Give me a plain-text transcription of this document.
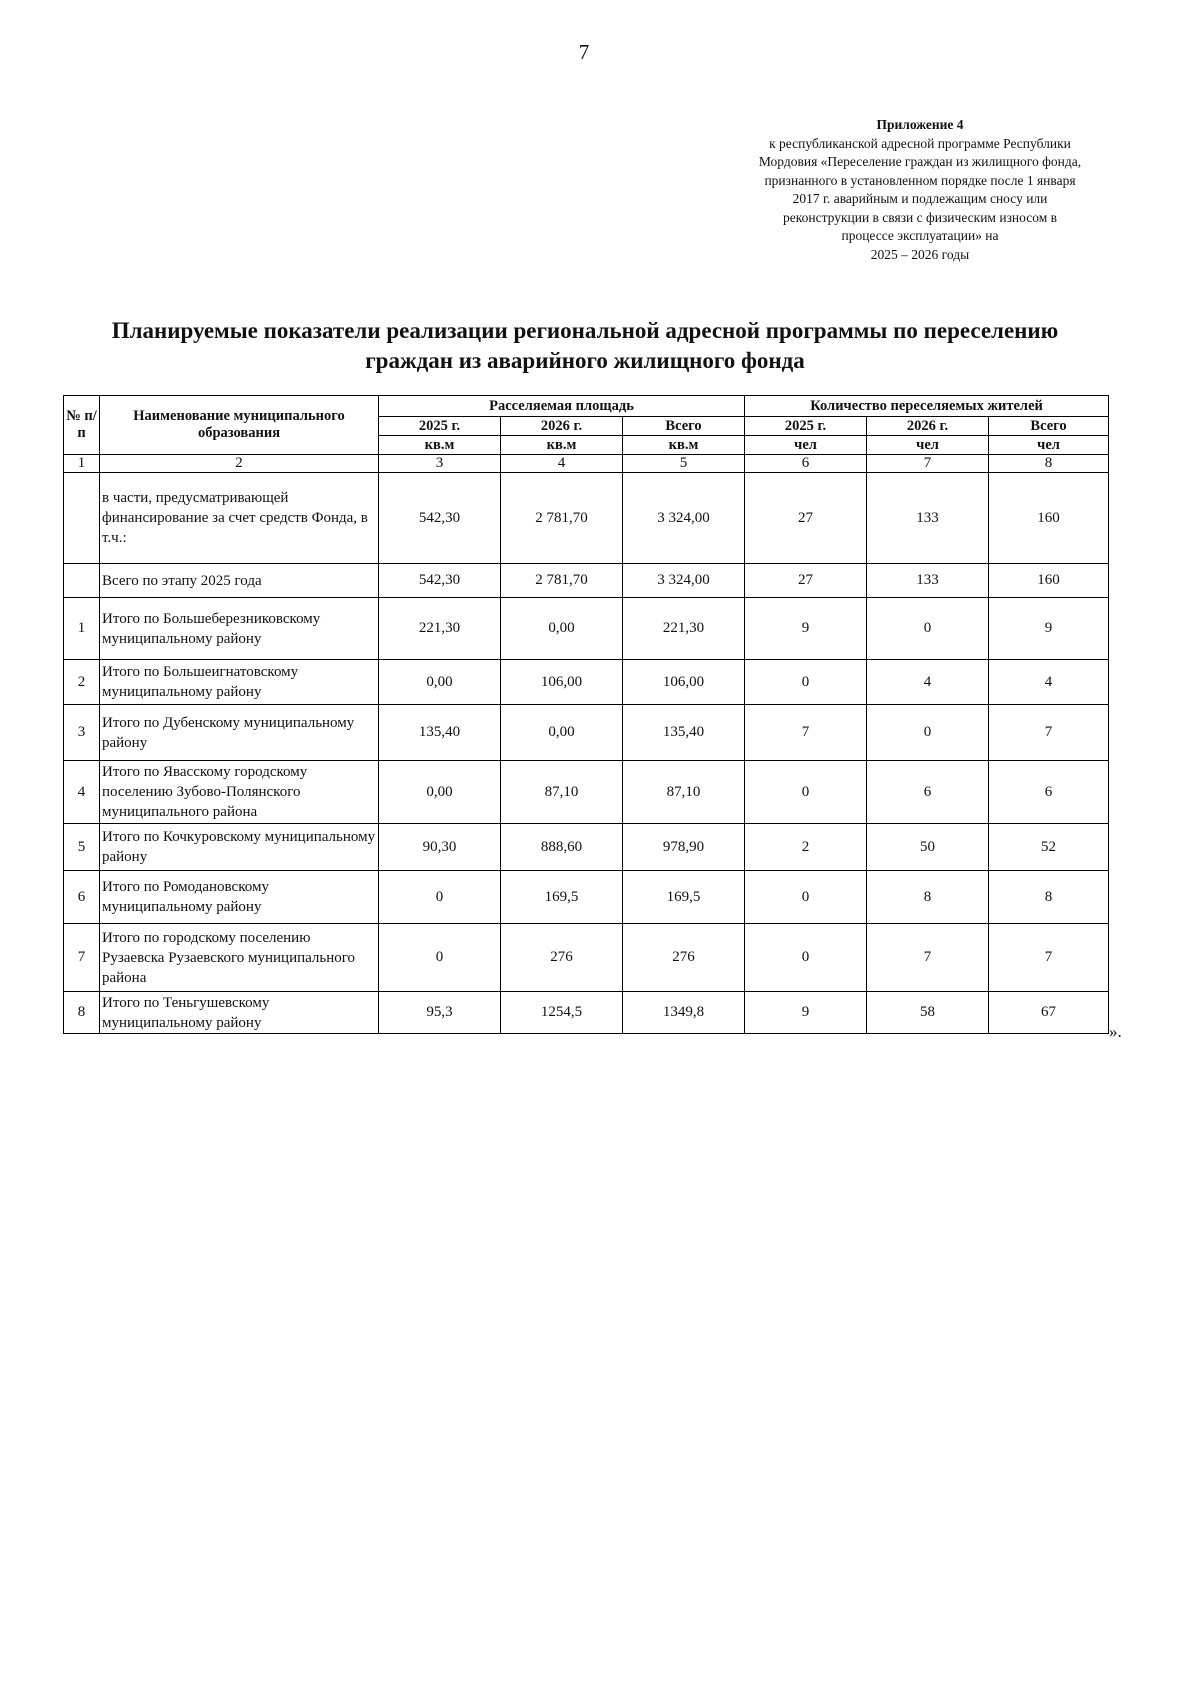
7
Приложение 4
к республиканской адресной программе Республики
Мордовия «Переселение граждан из жилищного фонда,
признанного в установленном порядке после 1 января
2017 г. аварийным и подлежащим сносу или
реконструкции в связи с физическим износом в
процессе эксплуатации» на
2025 – 2026 годы
Планируемые показатели реализации региональной адресной программы по переселению
граждан из аварийного жилищного фонда
№ п/п	Наименование муниципального образования	Расселяемая площадь			Количество переселяемых жителей		
		2025 г.	2026 г.	Всего	2025 г.	2026 г.	Всего
		кв.м	кв.м	кв.м	чел	чел	чел
1	2	3	4	5	6	7	8
	в части, предусматривающей финансирование за счет средств Фонда, в т.ч.:	542,30	2 781,70	3 324,00	27	133	160
	Всего по этапу 2025 года	542,30	2 781,70	3 324,00	27	133	160
1	Итого по Большеберезниковскому муниципальному району	221,30	0,00	221,30	9	0	9
2	Итого по Большеигнатовскому муниципальному району	0,00	106,00	106,00	0	4	4
3	Итого по Дубенскому муниципальному району	135,40	0,00	135,40	7	0	7
4	Итого по Явасскому городскому поселению Зубово-Полянского муниципального района	0,00	87,10	87,10	0	6	6
5	Итого по Кочкуровскому муниципальному району	90,30	888,60	978,90	2	50	52
6	Итого по Ромодановскому муниципальному району	0	169,5	169,5	0	8	8
7	Итого по городскому поселению Рузаевска Рузаевского муниципального района	0	276	276	0	7	7
8	Итого по Теньгушевскому муниципальному району	95,3	1254,5	1349,8	9	58	67
».
